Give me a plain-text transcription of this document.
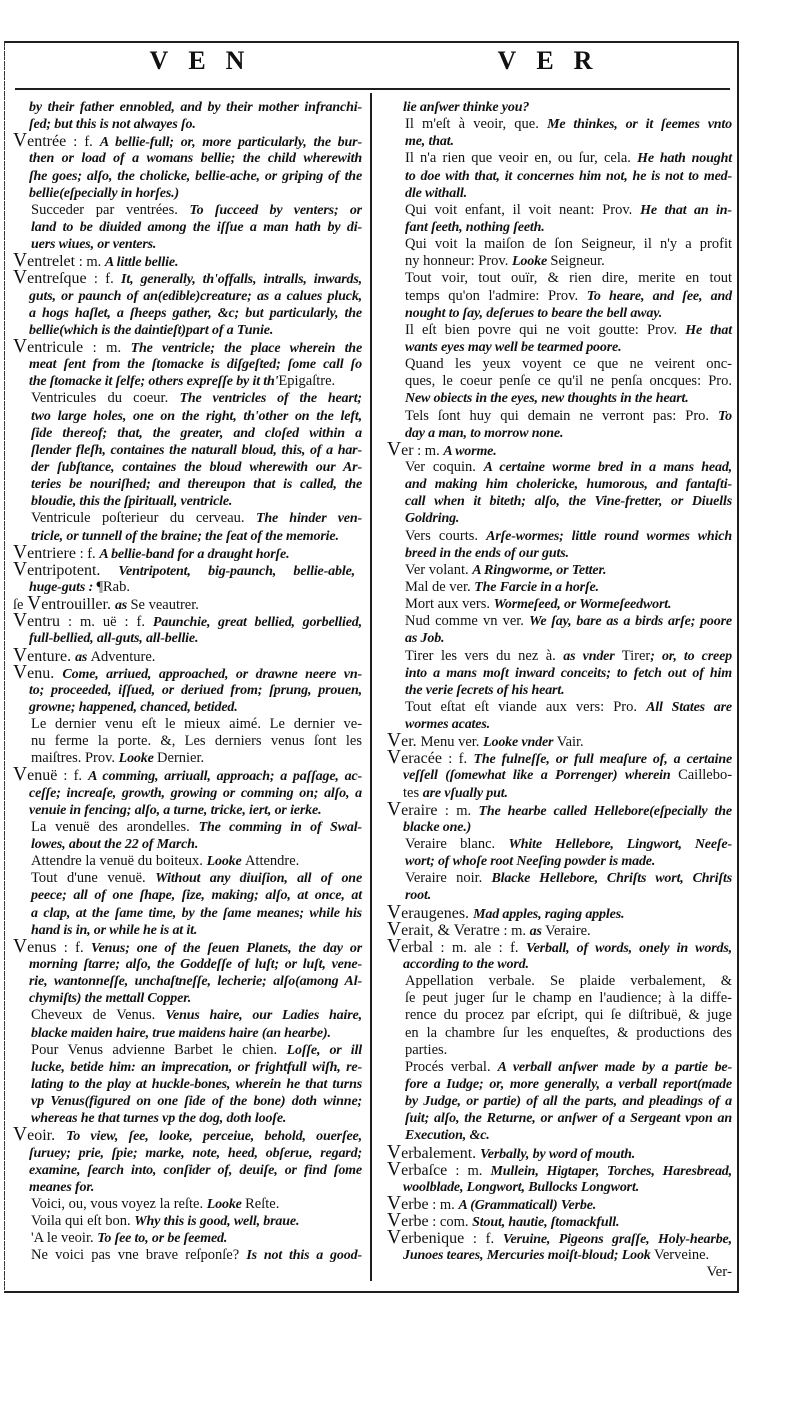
VEN	VER
by their father ennobled, and by their mother infranchi-
ſed; but this is not alwayes ſo.
Ventrée : f. A bellie-full; or, more particularly, the bur-
then or load of a womans bellie; the child wherewith
ſhe goes; alſo, the cholicke, bellie-ache, or griping of the
bellie(eſpecially in horſes.)
Succeder par ventrées. To ſucceed by venters; or
land to be diuided among the iſſue a man hath by di-
uers wiues, or venters.
Ventrelet : m. A little bellie.
Ventreſque : f. It, generally, th'offalls, intralls, inwards,
guts, or paunch of an(edible)creature; as a calues pluck,
a hogs haſlet, a ſheeps gather, &c; but particularly, the
bellie(which is the daintieſt)part of a Tunie.
Ventricule : m. The ventricle; the place wherein the
meat ſent from the ſtomacke is diſgeſted; ſome call ſo
the ſtomacke it ſelfe; others expreſſe by it th'Epigaſtre.
Ventricules du coeur. The ventricles of the heart;
two large holes, one on the right, th'other on the left,
ſide thereof; that, the greater, and cloſed within a
ſlender fleſh, containes the naturall bloud, this, of a har-
der ſubſtance, containes the bloud wherewith our Ar-
teries be nouriſhed; and thereupon that is called, the
bloudie, this the ſpirituall, ventricle.
Ventricule poſterieur du cerveau. The hinder ven-
tricle, or tunnell of the braine; the ſeat of the memorie.
Ventriere : f. A bellie-band for a draught horſe.
Ventripotent. Ventripotent, big-paunch, bellie-able,
huge-guts : ¶Rab.
ſe Ventrouiller. as Se veautrer.
Ventru : m. uë : f. Paunchie, great bellied, gorbellied,
full-bellied, all-guts, all-bellie.
Venture. as Adventure.
Venu. Come, arriued, approached, or drawne neere vn-
to; proceeded, iſſued, or deriued from; ſprung, prouen,
growne; happened, chanced, betided.
Le dernier venu eſt le mieux aimé. Le dernier ve-
nu ferme la porte. &, Les derniers venus ſont les
maiſtres. Prov. Looke Dernier.
Venuë : f. A comming, arriuall, approach; a paſſage, ac-
ceſſe; increaſe, growth, growing or comming on; alſo, a
venuie in fencing; alſo, a turne, tricke, iert, or ierke.
La venuë des arondelles. The comming in of Swal-
lowes, about the 22 of March.
Attendre la venuë du boiteux. Looke Attendre.
Tout d'une venuë. Without any diuiſion, all of one
peece; all of one ſhape, ſize, making; alſo, at once, at
a clap, at the ſame time, by the ſame meanes; while his
hand is in, or while he is at it.
Venus : f. Venus; one of the ſeuen Planets, the day or
morning ſtarre; alſo, the Goddeſſe of luſt; or luſt, vene-
rie, wantonneſſe, unchaſtneſſe, lecherie; alſo(among Al-
chymiſts) the mettall Copper.
Cheveux de Venus. Venus haire, our Ladies haire,
blacke maiden haire, true maidens haire (an hearbe).
Pour Venus advienne Barbet le chien. Loſſe, or ill
lucke, betide him: an imprecation, or frightfull wiſh, re-
lating to the play at huckle-bones, wherein he that turns
vp Venus(figured on one ſide of the bone) doth winne;
whereas he that turnes vp the dog, doth looſe.
Veoir. To view, ſee, looke, perceiue, behold, ouerſee,
ſuruey; prie, ſpie; marke, note, heed, obſerue, regard;
examine, ſearch into, conſider of, deuiſe, or find ſome
meanes for.
Voici, ou, vous voyez la reſte. Looke Reſte.
Voila qui eſt bon. Why this is good, well, braue.
'A le veoir. To ſee to, or be ſeemed.
Ne voici pas vne brave reſponſe? Is not this a good-
lie anſwer thinke you?
Il m'eſt à veoir, que. Me thinkes, or it ſeemes vnto
me, that.
Il n'a rien que veoir en, ou ſur, cela. He hath nought
to doe with that, it concernes him not, he is not to med-
dle withall.
Qui voit enfant, il voit neant: Prov. He that an in-
fant ſeeth, nothing ſeeth.
Qui voit la maiſon de ſon Seigneur, il n'y a profit
ny honneur: Prov. Looke Seigneur.
Tout voir, tout ouïr, & rien dire, merite en tout
temps qu'on l'admire: Prov. To heare, and ſee, and
nought to ſay, deſerues to beare the bell away.
Il eſt bien povre qui ne voit goutte: Prov. He that
wants eyes may well be tearmed poore.
Quand les yeux voyent ce que ne veirent onc-
ques, le coeur penſe ce qu'il ne penſa oncques: Pro.
New obiects in the eyes, new thoughts in the heart.
Tels ſont huy qui demain ne verront pas: Pro. To
day a man, to morrow none.
Ver : m. A worme.
Ver coquin. A certaine worme bred in a mans head,
and making him cholericke, humorous, and fantaſti-
call when it biteth; alſo, the Vine-fretter, or Diuells
Goldring.
Vers courts. Arſe-wormes; little round wormes which
breed in the ends of our guts.
Ver volant. A Ringworme, or Tetter.
Mal de ver. The Farcie in a horſe.
Mort aux vers. Wormeſeed, or Wormeſeedwort.
Nud comme vn ver. We ſay, bare as a birds arſe; poore
as Job.
Tirer les vers du nez à. as vnder Tirer; or, to creep
into a mans moſt inward conceits; to fetch out of him
the verie ſecrets of his heart.
Tout eſtat eſt viande aux vers: Pro. All States are
wormes acates.
Ver. Menu ver. Looke vnder Vair.
Veracée : f. The fulneſſe, or full meaſure of, a certaine
veſſell (ſomewhat like a Porrenger) wherein Caillebo-
tes are vſually put.
Veraire : m. The hearbe called Hellebore(eſpecially the
blacke one.)
Veraire blanc. White Hellebore, Lingwort, Neeſe-
wort; of whoſe root Neeſing powder is made.
Veraire noir. Blacke Hellebore, Chriſts wort, Chriſts
root.
Veraugenes. Mad apples, raging apples.
Verait, & Veratre : m. as Veraire.
Verbal : m. ale : f. Verball, of words, onely in words,
according to the word.
Appellation verbale. Se plaide verbalement, &
ſe peut juger ſur le champ en l'audience; à la diffe-
rence du procez par eſcript, qui ſe diſtribuë, & juge
en la chambre ſur les enqueſtes, & productions des
parties.
Procés verbal. A verball anſwer made by a partie be-
fore a Iudge; or, more generally, a verball report(made
by Judge, or partie) of all the parts, and pleadings of a
ſuit; alſo, the Returne, or anſwer of a Sergeant vpon an
Execution, &c.
Verbalement. Verbally, by word of mouth.
Verbaſce : m. Mullein, Higtaper, Torches, Haresbread,
woolblade, Longwort, Bullocks Longwort.
Verbe : m. A (Grammaticall) Verbe.
Verbe : com. Stout, hautie, ſtomackfull.
Verbenique : f. Veruine, Pigeons graſſe, Holy-hearbe,
Junoes teares, Mercuries moiſt-bloud; Look Verveine.
Ver-
